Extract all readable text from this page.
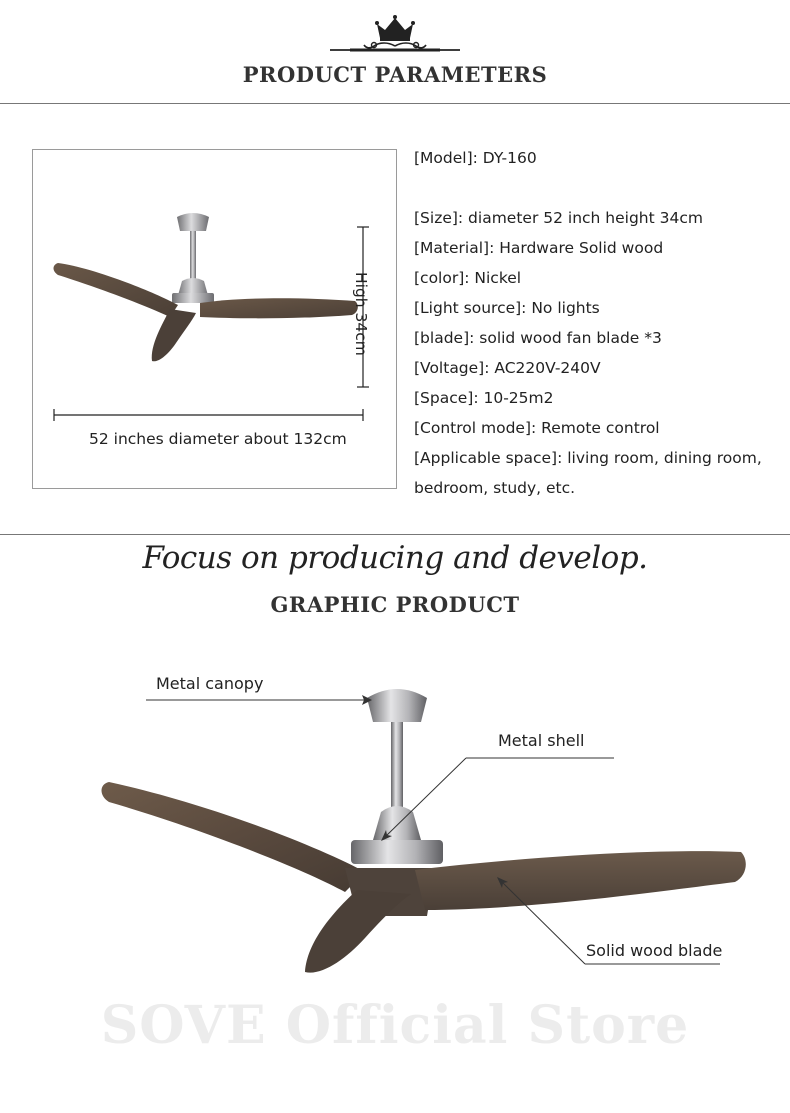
PRODUCT PARAMETERS
High 34cm
52 inches diameter about 132cm
[Model]: DY-160
[Size]: diameter 52 inch height 34cm
[Material]: Hardware Solid wood
[color]: Nickel
[Light source]: No lights
[blade]: solid wood fan blade *3
[Voltage]: AC220V-240V
[Space]: 10-25m2
[Control mode]: Remote control
[Applicable space]: living room, dining room, bedroom, study, etc.
Focus on producing and develop.
GRAPHIC PRODUCT
Metal canopy
Metal shell
Solid wood blade
SOVE Official Store
